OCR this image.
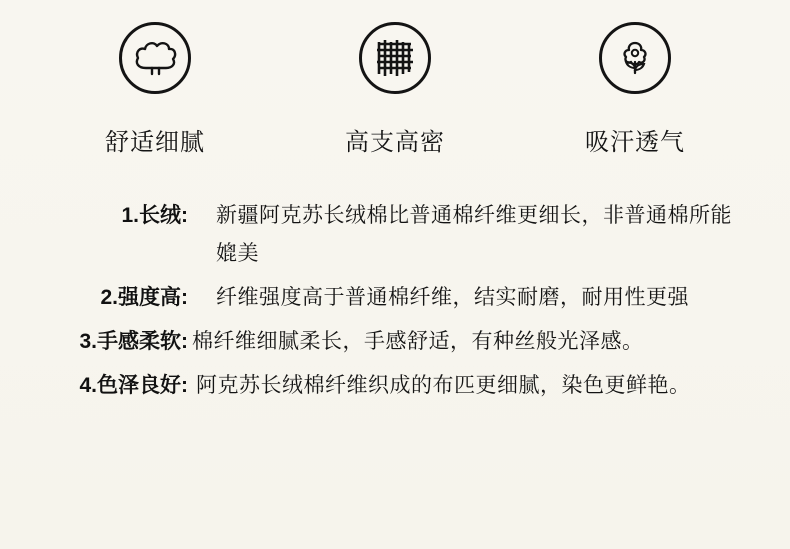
舒适细腻	高支高密	吸汗透气
1.长绒:	新疆阿克苏长绒棉比普通棉纤维更细长，非普通棉所能媲美
2.强度高:	纤维强度高于普通棉纤维，结实耐磨，耐用性更强
3.手感柔软: 棉纤维细腻柔长，手感舒适，有种丝般光泽感。
4.色泽良好: 阿克苏长绒棉纤维织成的布匹更细腻，染色更鲜艳。
